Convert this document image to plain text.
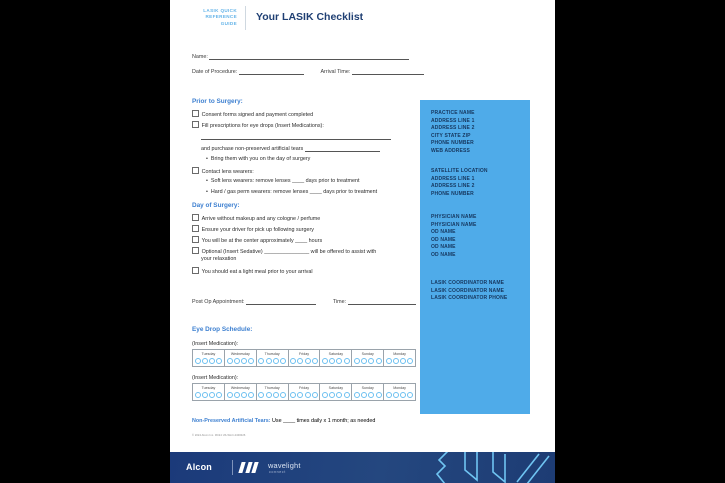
LASIK QUICK
REFERENCE
GUIDE
Your LASIK Checklist
Name:
Date of Procedure:	Arrival Time:
Prior to Surgery:
Consent forms signed and payment completed
Fill prescriptions for eye drops (Insert Medications):
and purchase non-preserved artificial tears
• Bring them with you on the day of surgery
Contact lens wearers:
• Soft lens wearers: remove lenses ____ days prior to treatment
• Hard / gas perm wearers: remove lenses ____ days prior to treatment
Day of Surgery:
Arrive without makeup and any cologne / perfume
Ensure your driver for pick up following surgery
You will be at the center approximately ____ hours
Optional (Insert Sedative) _______________ will be offered to assist with
your relaxation
You should eat a light meal prior to your arrival
Post Op Appointment:	Time:
Eye Drop Schedule:
(Insert Medication):
Tuesday	Wednesday	Thursday	Friday	Saturday	Sunday	Monday
(Insert Medication):
Tuesday	Wednesday	Thursday	Friday	Saturday	Sunday	Monday
Non-Preserved Artificial Tears: Use ____ times daily x 1 month; as needed
© 2024 Alcon Inc. 06/24 US-WLO-2400026
Alcon	wavelight
connect
PRACTICE NAME
ADDRESS LINE 1
ADDRESS LINE 2
CITY STATE ZIP
PHONE NUMBER
WEB ADDRESS
SATELLITE LOCATION
ADDRESS LINE 1
ADDRESS LINE 2
PHONE NUMBER
PHYSICIAN NAME
PHYSICIAN NAME
OD NAME
OD NAME
OD NAME
OD NAME
LASIK COORDINATOR NAME
LASIK COORDINATOR NAME
LASIK COORDINATOR PHONE
